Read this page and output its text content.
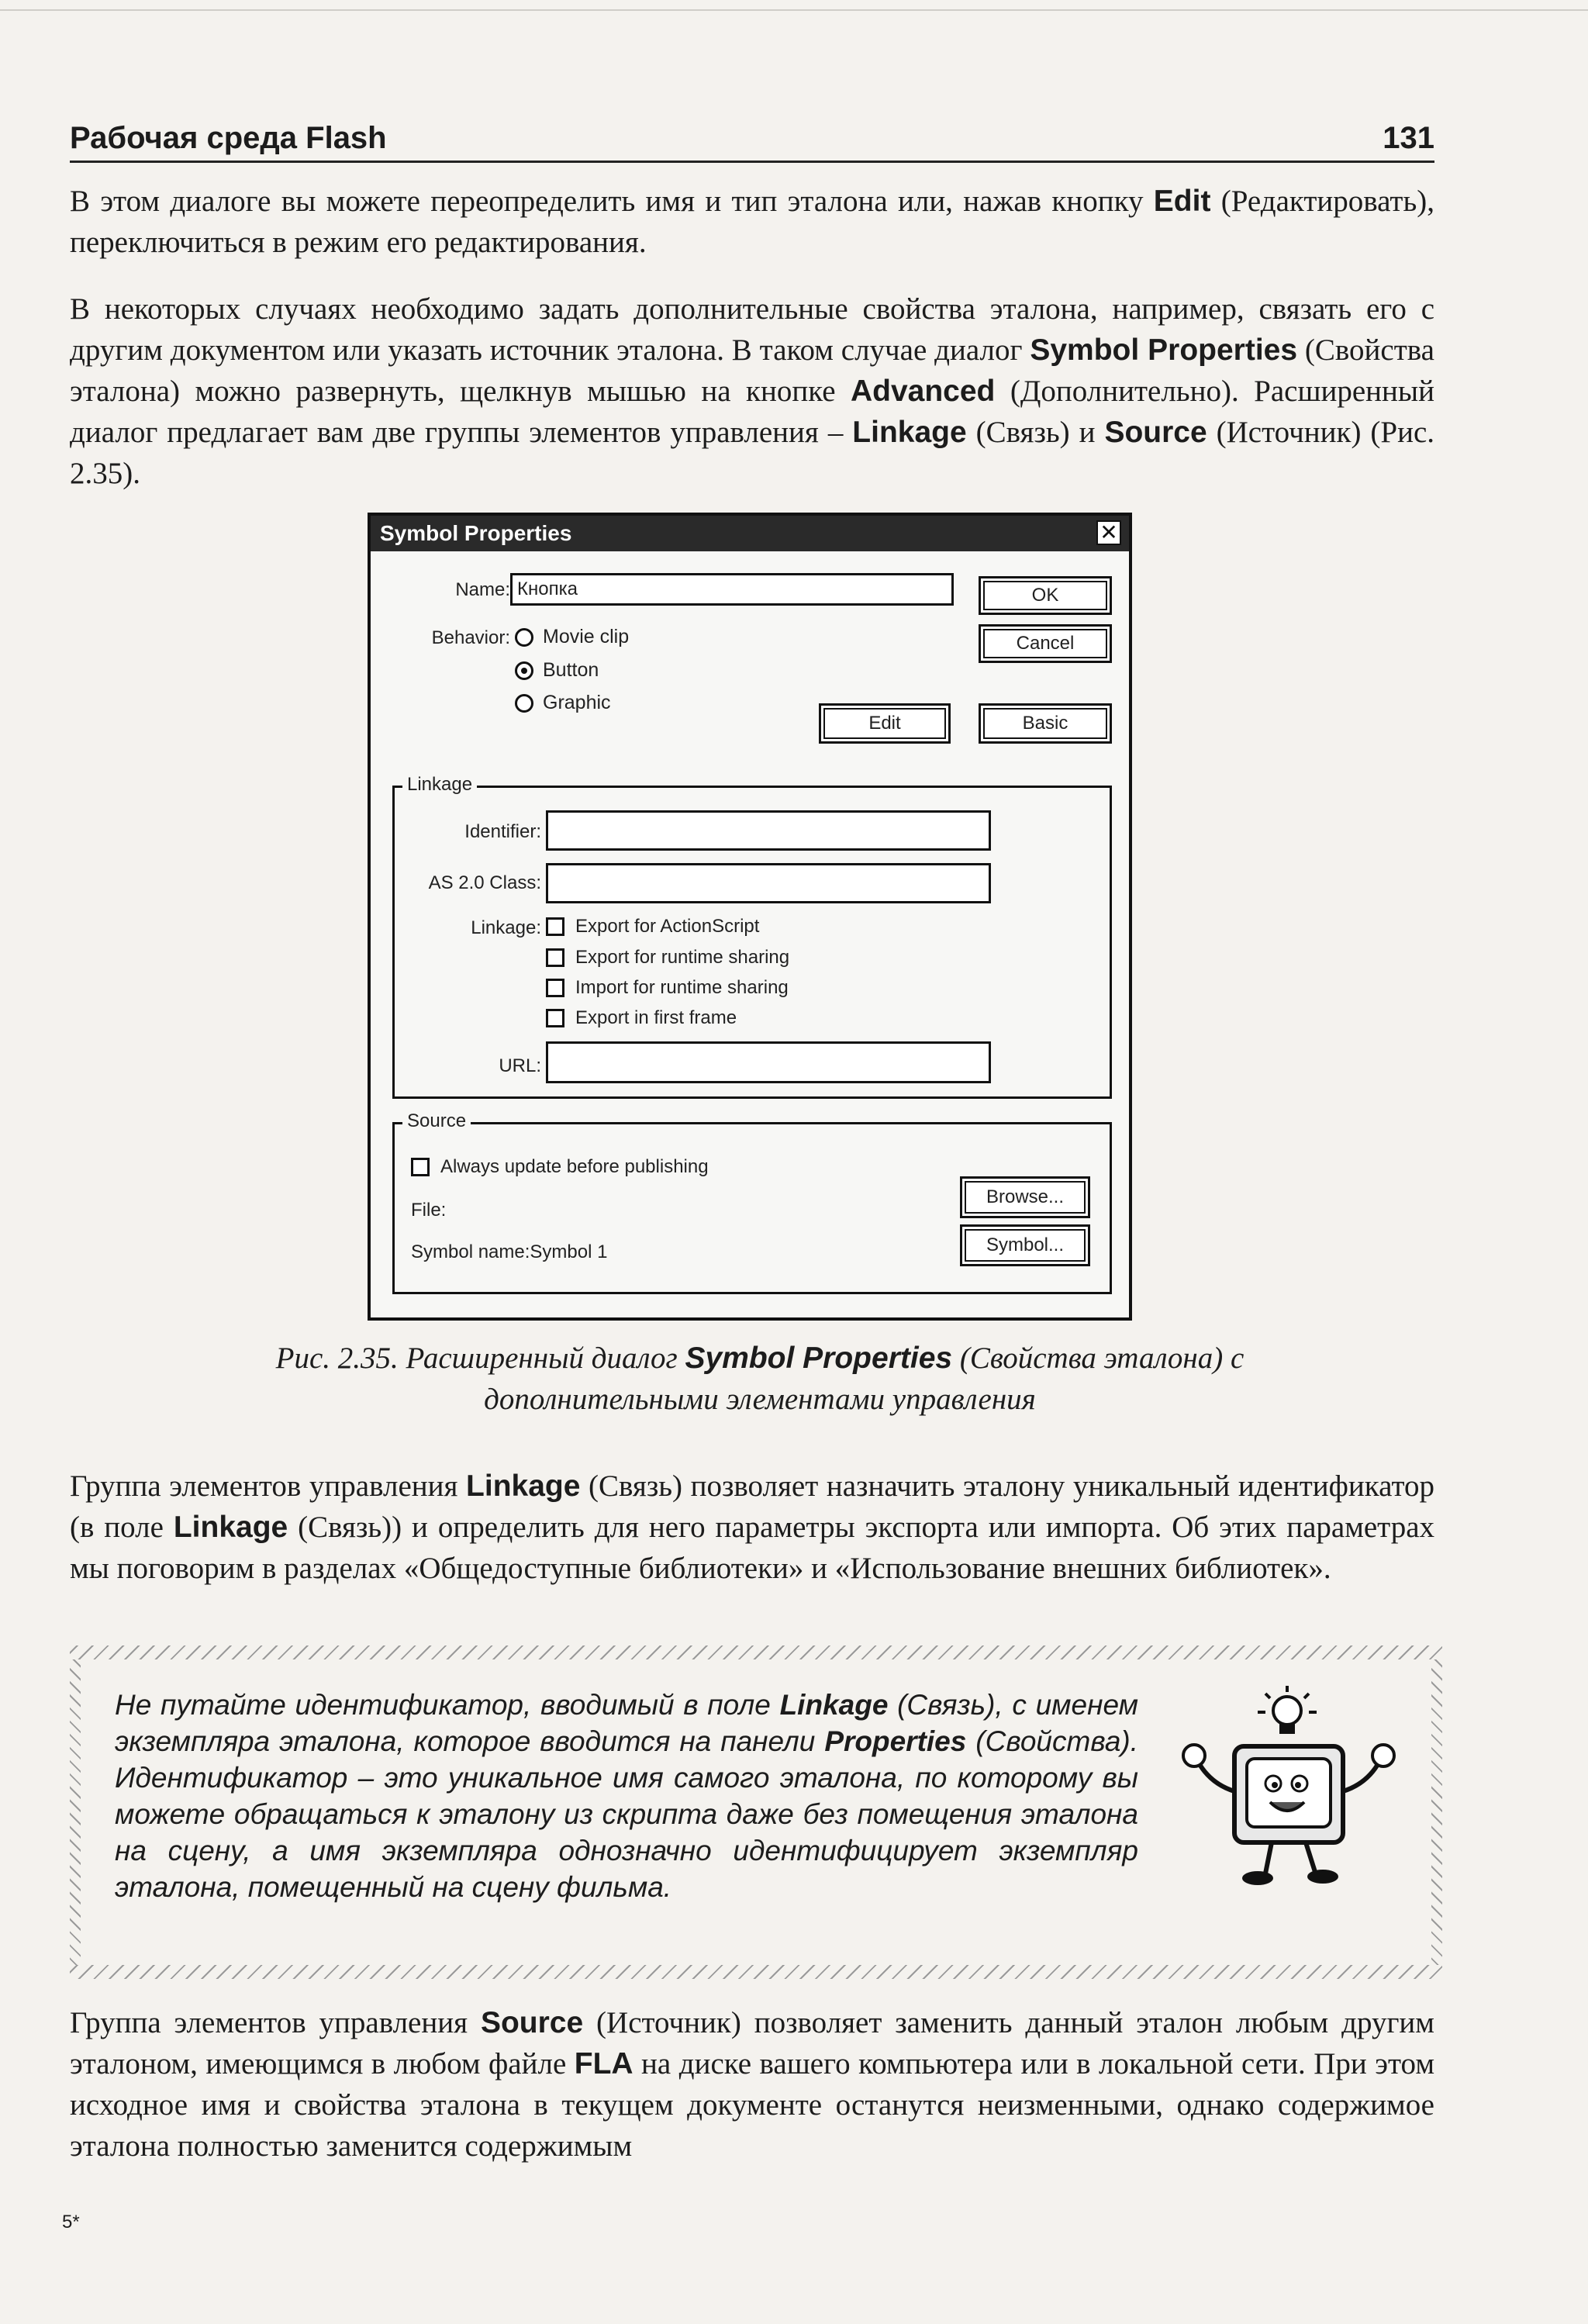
Рабочая среда Flash	131

В этом диалоге вы можете переопределить имя и тип эталона или, нажав кнопку Edit (Редактировать), переключиться в режим его редактирования.

В некоторых случаях необходимо задать дополнительные свойства эталона, например, связать его с другим документом или указать источник эталона. В таком случае диалог Symbol Properties (Свойства эталона) можно развернуть, щелкнув мышью на кнопке Advanced (Дополнительно). Расширенный диалог предлагает вам две группы элементов управления – Linkage (Связь) и Source (Источник) (Рис. 2.35).

Symbol Properties	✕
Name: Кнопка
Behavior: Movie clip
Button
Graphic
OK
Cancel
Edit	Basic
Linkage
Identifier:
AS 2.0 Class:
Linkage: Export for ActionScript
Export for runtime sharing
Import for runtime sharing
Export in first frame
URL:
Source
Always update before publishing
File:
Symbol name:Symbol 1
Browse...
Symbol...
Рис. 2.35. Расширенный диалог Symbol Properties (Свойства эталона) с дополнительными элементами управления

Группа элементов управления Linkage (Связь) позволяет назначить эталону уникальный идентификатор (в поле Linkage (Связь)) и определить для него параметры экспорта или импорта. Об этих параметрах мы поговорим в разделах «Общедоступные библиотеки» и «Использование внешних библиотек».

Не путайте идентификатор, вводимый в поле Linkage (Связь), с именем экземпляра эталона, которое вводится на панели Properties (Свойства). Идентификатор – это уникальное имя самого эталона, по которому вы можете обращаться к эталону из скрипта даже без помещения эталона на сцену, а имя экземпляра однозначно идентифицирует экземпляр эталона, помещенный на сцену фильма.

Группа элементов управления Source (Источник) позволяет заменить данный эталон любым другим эталоном, имеющимся в любом файле FLA на диске вашего компьютера или в локальной сети. При этом исходное имя и свойства эталона в текущем документе останутся неизменными, однако содержимое эталона полностью заменится содержимым

5*
